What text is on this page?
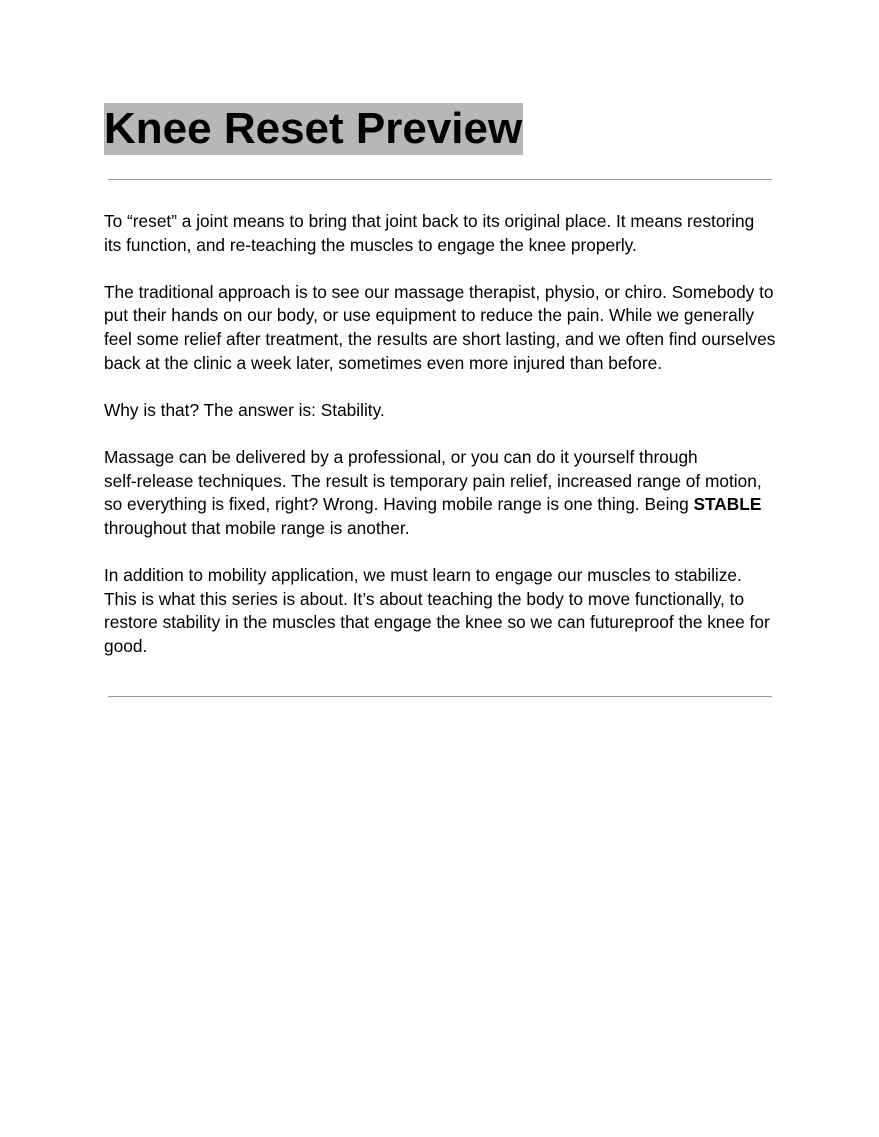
Knee Reset Preview

To “reset” a joint means to bring that joint back to its original place. It means restoring
its function, and re-teaching the muscles to engage the knee properly.

The traditional approach is to see our massage therapist, physio, or chiro. Somebody to
put their hands on our body, or use equipment to reduce the pain. While we generally
feel some relief after treatment, the results are short lasting, and we often find ourselves
back at the clinic a week later, sometimes even more injured than before.

Why is that? The answer is: Stability.

Massage can be delivered by a professional, or you can do it yourself through
self-release techniques. The result is temporary pain relief, increased range of motion,
so everything is fixed, right? Wrong. Having mobile range is one thing. Being STABLE
throughout that mobile range is another.

In addition to mobility application, we must learn to engage our muscles to stabilize.
This is what this series is about. It’s about teaching the body to move functionally, to
restore stability in the muscles that engage the knee so we can futureproof the knee for
good.
